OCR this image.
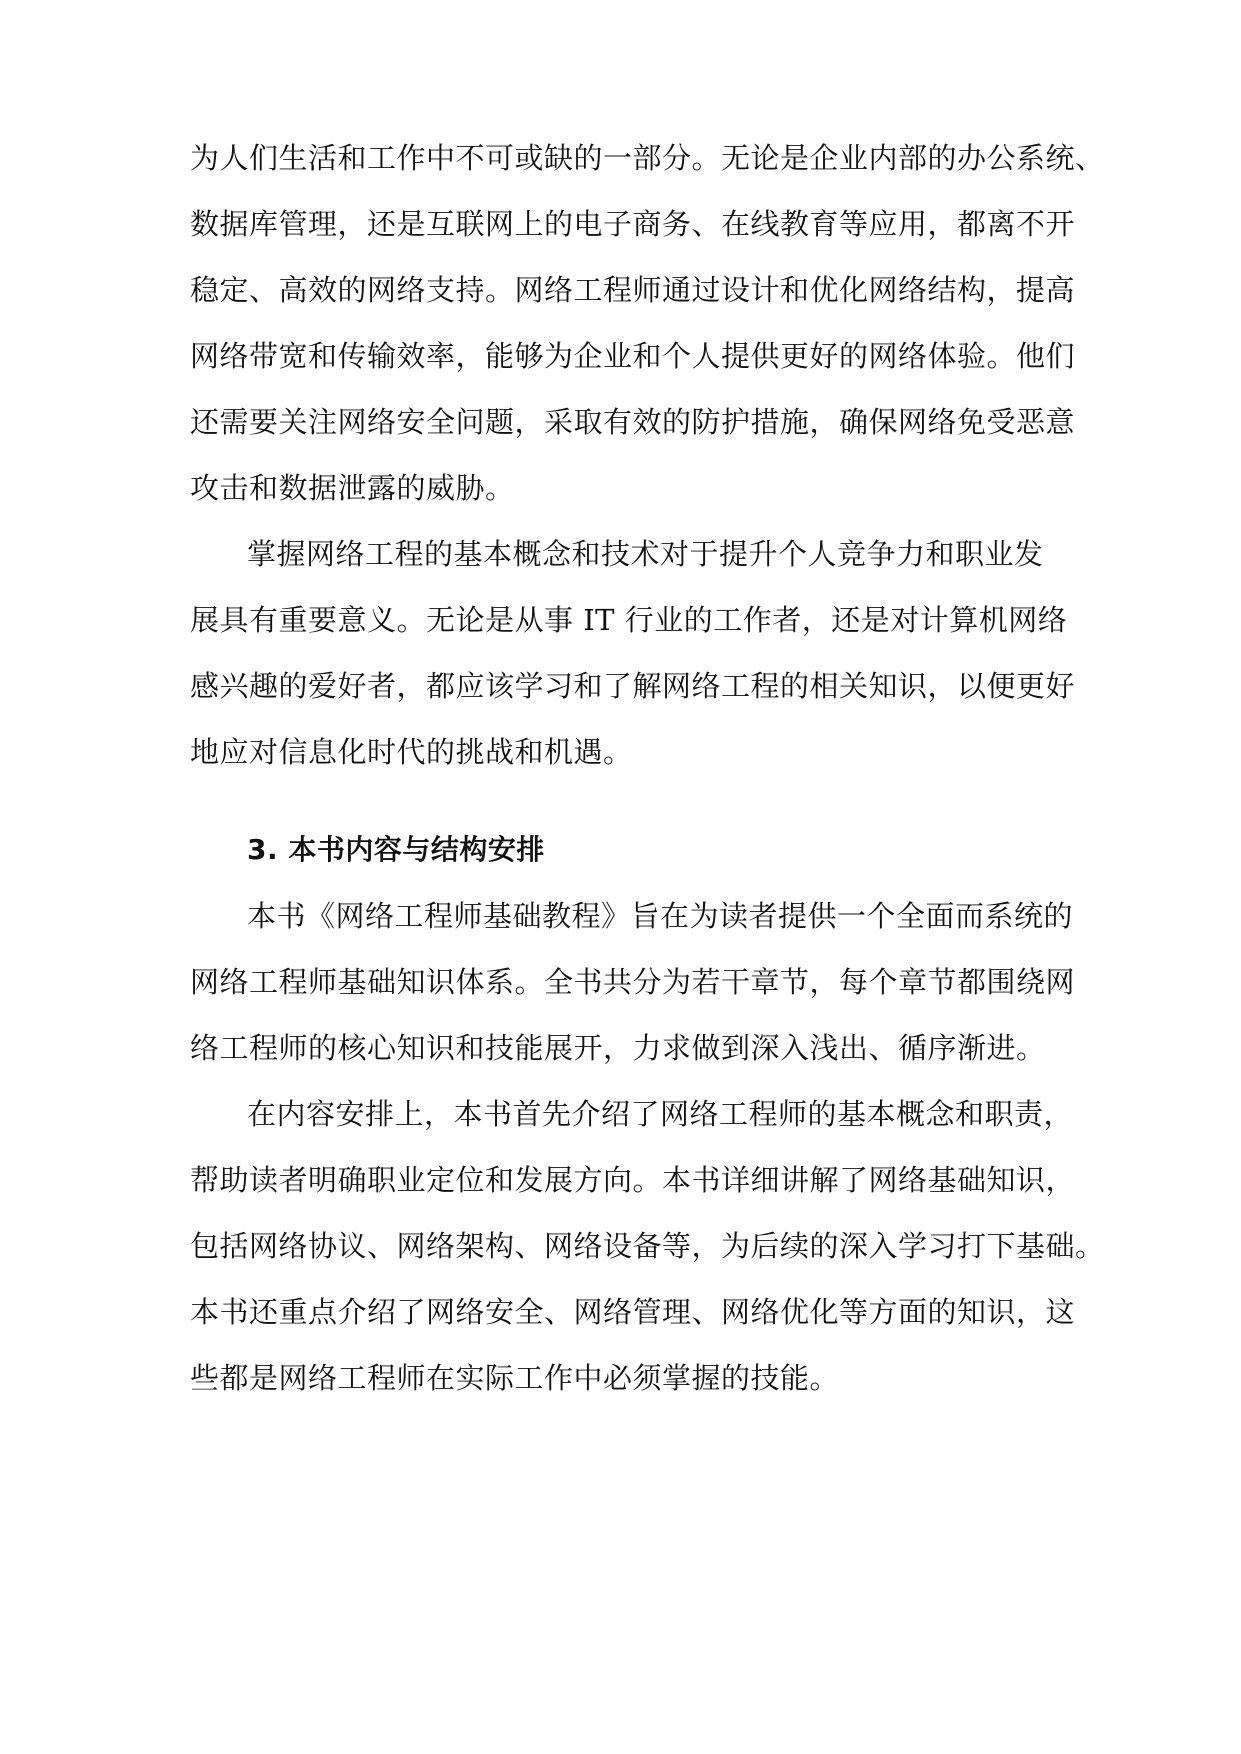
为人们生活和工作中不可或缺的一部分。无论是企业内部的办公系统、
数据库管理，还是互联网上的电子商务、在线教育等应用，都离不开
稳定、高效的网络支持。网络工程师通过设计和优化网络结构，提高
网络带宽和传输效率，能够为企业和个人提供更好的网络体验。他们
还需要关注网络安全问题，采取有效的防护措施，确保网络免受恶意
攻击和数据泄露的威胁。
掌握网络工程的基本概念和技术对于提升个人竞争力和职业发
展具有重要意义。无论是从事 IT 行业的工作者，还是对计算机网络
感兴趣的爱好者，都应该学习和了解网络工程的相关知识，以便更好
地应对信息化时代的挑战和机遇。
3. 本书内容与结构安排
本书《网络工程师基础教程》旨在为读者提供一个全面而系统的
网络工程师基础知识体系。全书共分为若干章节，每个章节都围绕网
络工程师的核心知识和技能展开，力求做到深入浅出、循序渐进。
在内容安排上，本书首先介绍了网络工程师的基本概念和职责，
帮助读者明确职业定位和发展方向。本书详细讲解了网络基础知识，
包括网络协议、网络架构、网络设备等，为后续的深入学习打下基础。
本书还重点介绍了网络安全、网络管理、网络优化等方面的知识，这
些都是网络工程师在实际工作中必须掌握的技能。
